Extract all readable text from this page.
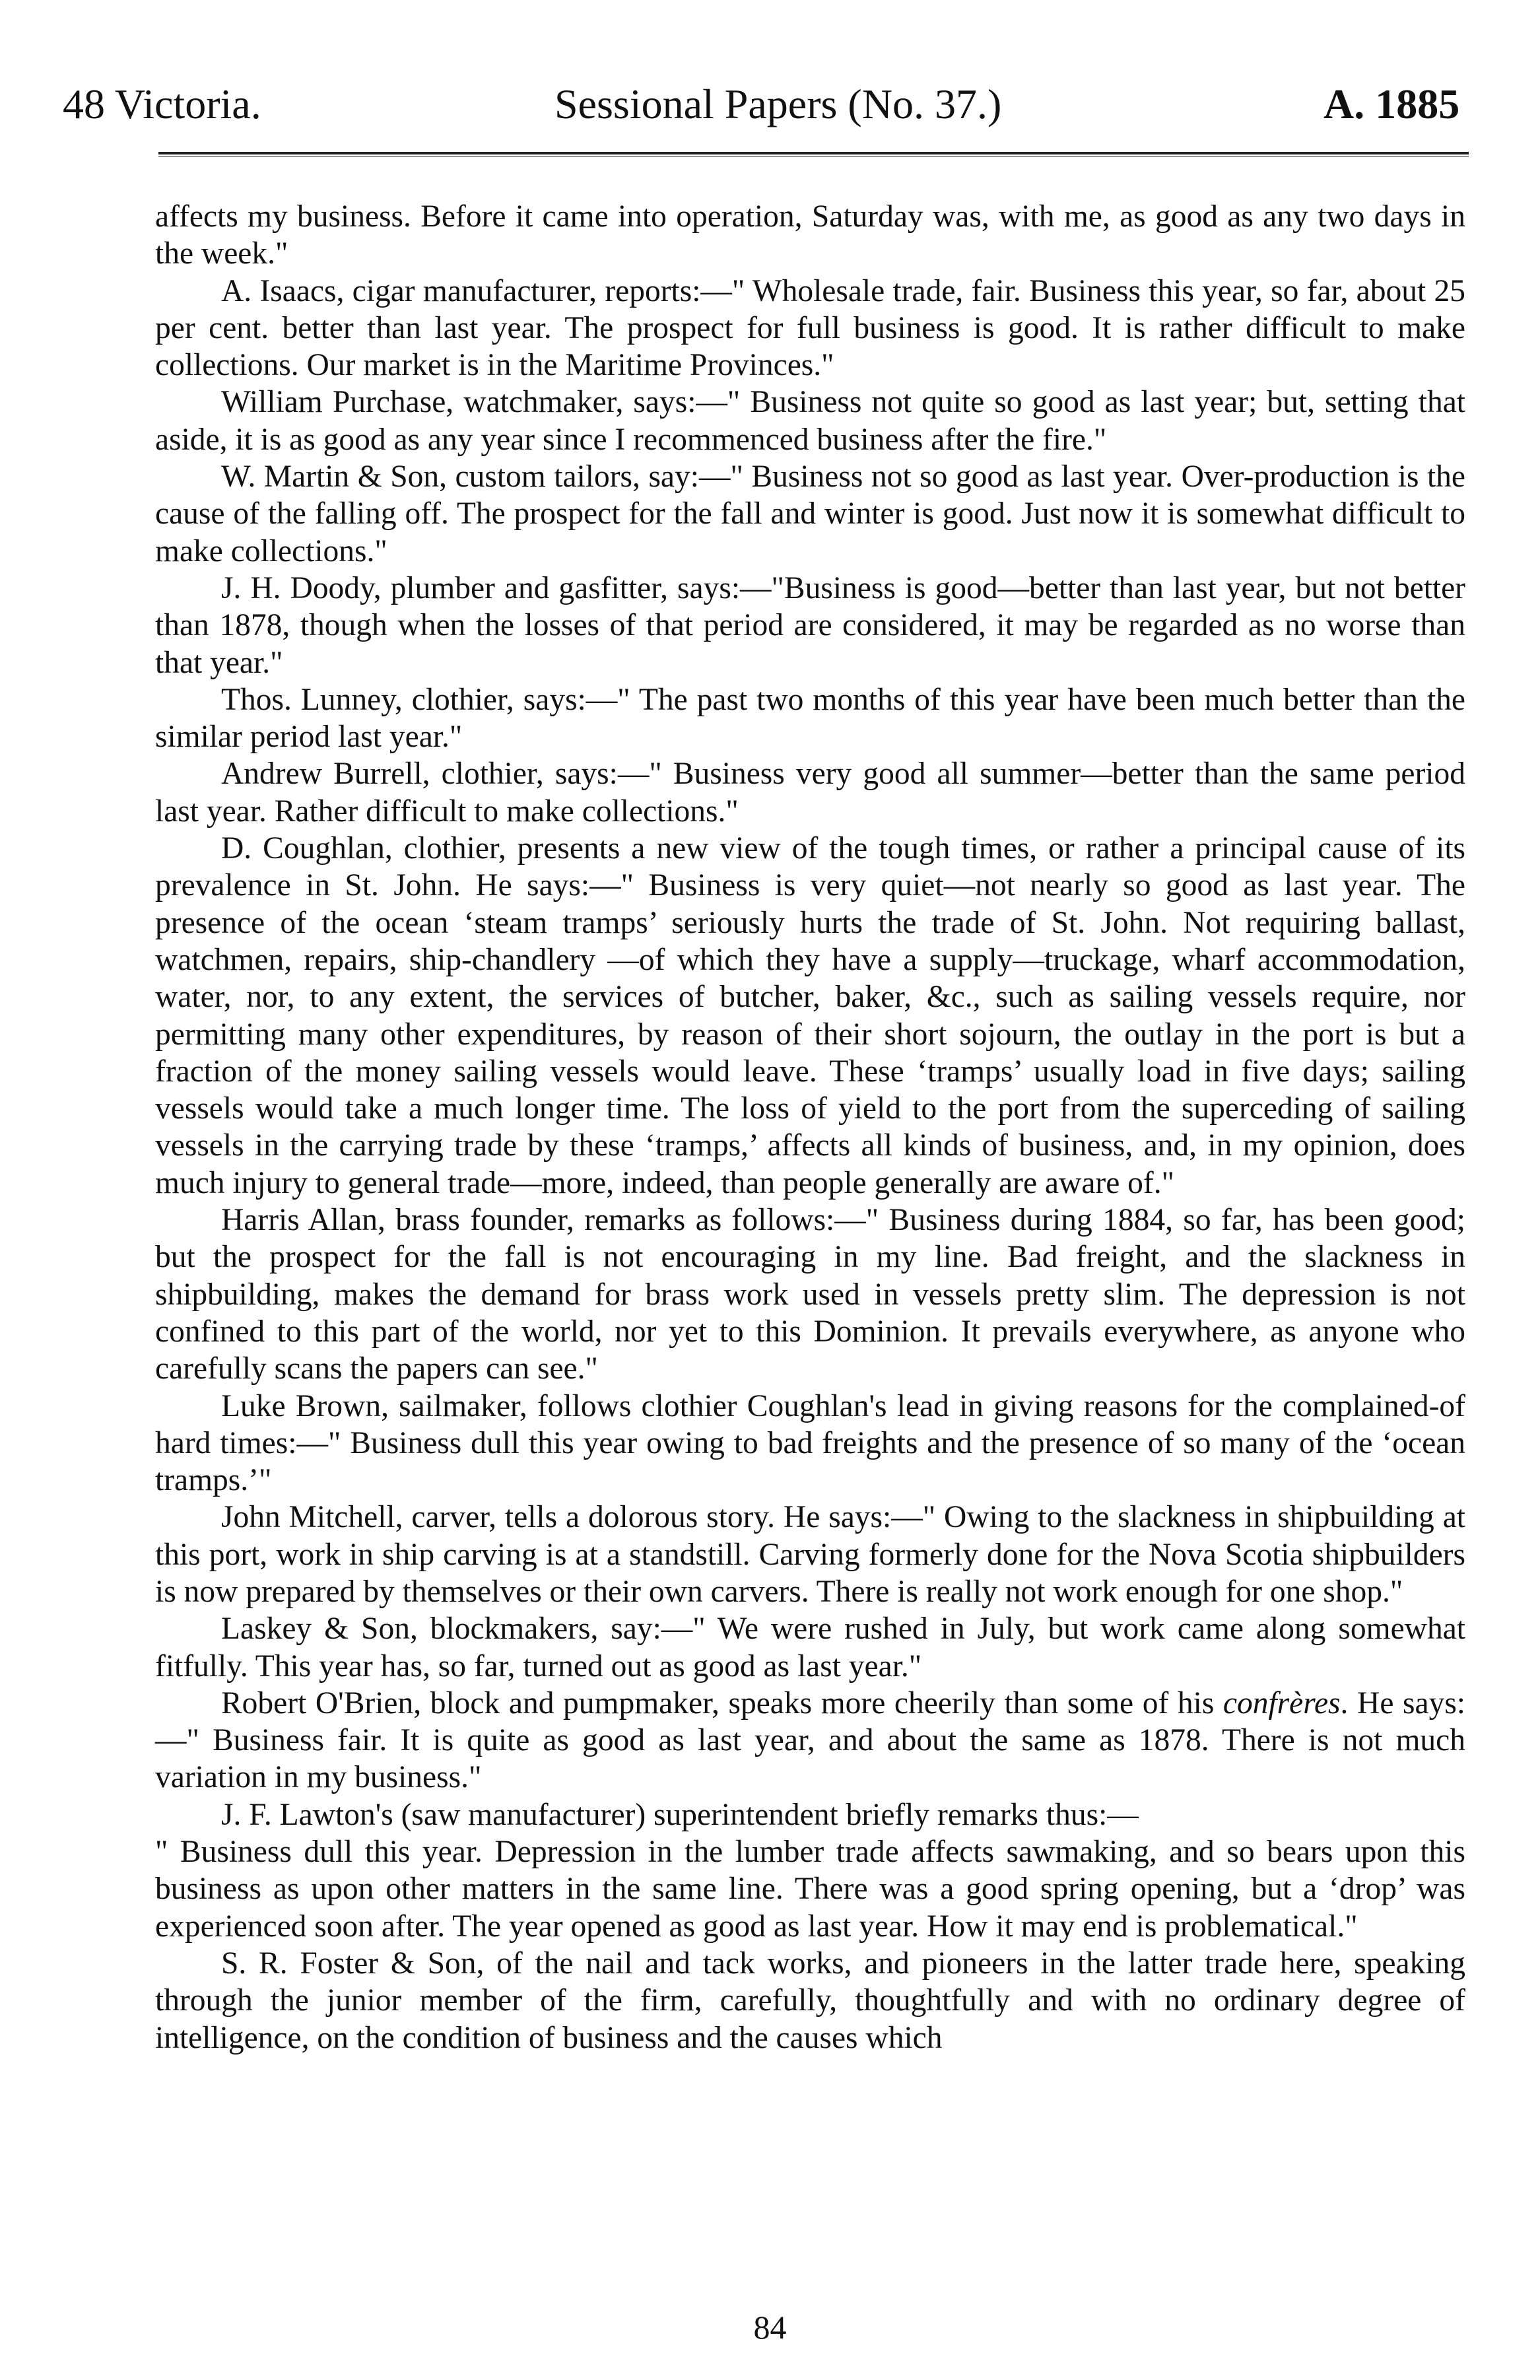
48 Victoria.	Sessional Papers (No. 37.)	A. 1885

affects my business. Before it came into operation, Saturday was, with me, as good as any two days in the week."

A. Isaacs, cigar manufacturer, reports:—" Wholesale trade, fair. Business this year, so far, about 25 per cent. better than last year. The prospect for full business is good. It is rather difficult to make collections. Our market is in the Maritime Provinces."

William Purchase, watchmaker, says:—" Business not quite so good as last year; but, setting that aside, it is as good as any year since I recommenced business after the fire."

W. Martin & Son, custom tailors, say:—" Business not so good as last year. Over-production is the cause of the falling off. The prospect for the fall and winter is good. Just now it is somewhat difficult to make collections."

J. H. Doody, plumber and gasfitter, says:—"Business is good—better than last year, but not better than 1878, though when the losses of that period are considered, it may be regarded as no worse than that year."

Thos. Lunney, clothier, says:—" The past two months of this year have been much better than the similar period last year."

Andrew Burrell, clothier, says:—" Business very good all summer—better than the same period last year. Rather difficult to make collections."

D. Coughlan, clothier, presents a new view of the tough times, or rather a principal cause of its prevalence in St. John. He says:—" Business is very quiet—not nearly so good as last year. The presence of the ocean ‘steam tramps’ seriously hurts the trade of St. John. Not requiring ballast, watchmen, repairs, ship-chandlery —of which they have a supply—truckage, wharf accommodation, water, nor, to any extent, the services of butcher, baker, &c., such as sailing vessels require, nor permitting many other expenditures, by reason of their short sojourn, the outlay in the port is but a fraction of the money sailing vessels would leave. These ‘tramps’ usually load in five days; sailing vessels would take a much longer time. The loss of yield to the port from the superceding of sailing vessels in the carrying trade by these ‘tramps,’ affects all kinds of business, and, in my opinion, does much injury to general trade—more, indeed, than people generally are aware of."

Harris Allan, brass founder, remarks as follows:—" Business during 1884, so far, has been good; but the prospect for the fall is not encouraging in my line. Bad freight, and the slackness in shipbuilding, makes the demand for brass work used in vessels pretty slim. The depression is not confined to this part of the world, nor yet to this Dominion. It prevails everywhere, as anyone who carefully scans the papers can see."

Luke Brown, sailmaker, follows clothier Coughlan's lead in giving reasons for the complained-of hard times:—" Business dull this year owing to bad freights and the presence of so many of the ‘ocean tramps.’"

John Mitchell, carver, tells a dolorous story. He says:—" Owing to the slackness in shipbuilding at this port, work in ship carving is at a standstill. Carving formerly done for the Nova Scotia shipbuilders is now prepared by themselves or their own carvers. There is really not work enough for one shop."

Laskey & Son, blockmakers, say:—" We were rushed in July, but work came along somewhat fitfully. This year has, so far, turned out as good as last year."

Robert O'Brien, block and pumpmaker, speaks more cheerily than some of his confrères. He says:—" Business fair. It is quite as good as last year, and about the same as 1878. There is not much variation in my business."

J. F. Lawton's (saw manufacturer) superintendent briefly remarks thus:—

" Business dull this year. Depression in the lumber trade affects sawmaking, and so bears upon this business as upon other matters in the same line. There was a good spring opening, but a ‘drop’ was experienced soon after. The year opened as good as last year. How it may end is problematical."

S. R. Foster & Son, of the nail and tack works, and pioneers in the latter trade here, speaking through the junior member of the firm, carefully, thoughtfully and with no ordinary degree of intelligence, on the condition of business and the causes which

84
